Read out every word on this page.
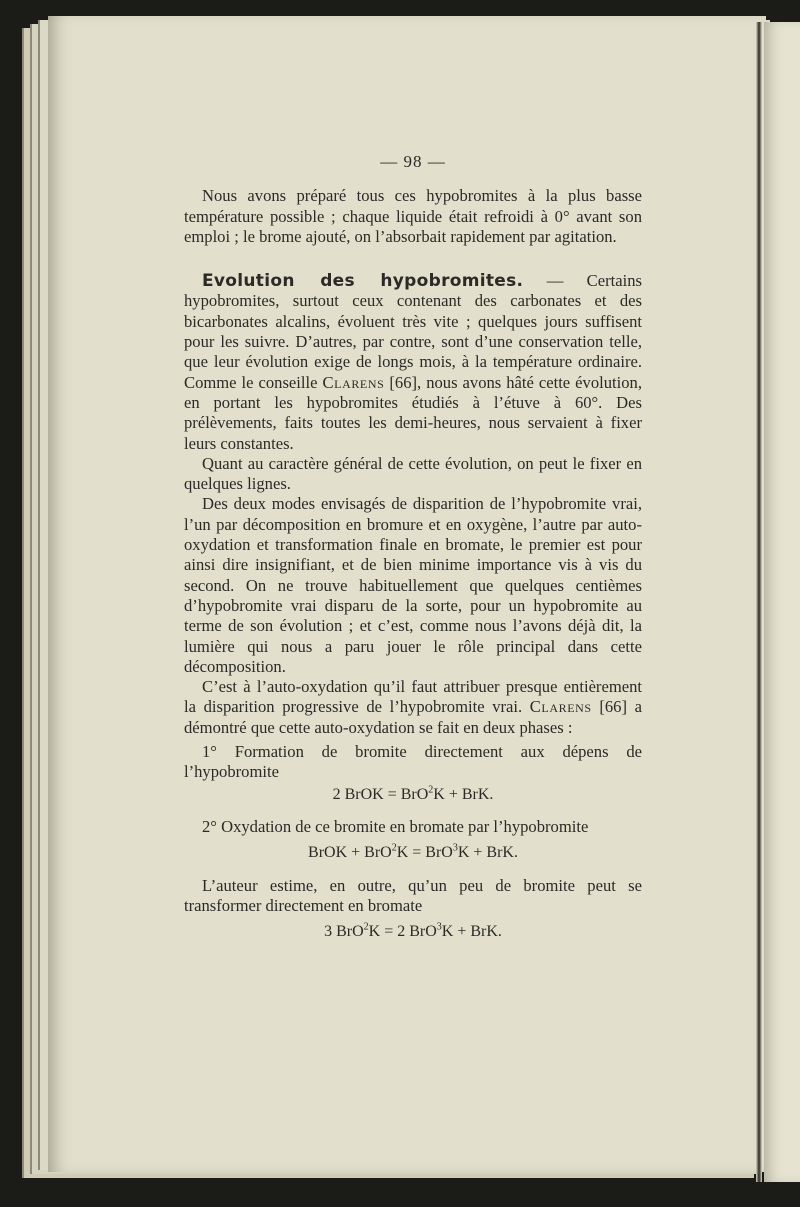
— 98 —

Nous avons préparé tous ces hypobromites à la plus basse température possible ; chaque liquide était refroidi à 0° avant son emploi ; le brome ajouté, on l’absorbait rapidement par agitation.

Evolution des hypobromites. — Certains hypobromites, surtout ceux contenant des carbonates et des bicarbonates alcalins, évoluent très vite ; quelques jours suffisent pour les suivre. D’autres, par contre, sont d’une conservation telle, que leur évolution exige de longs mois, à la température ordinaire. Comme le conseille Clarens [66], nous avons hâté cette évolution, en portant les hypobromites étudiés à l’étuve à 60°. Des prélèvements, faits toutes les demi-heures, nous servaient à fixer leurs constantes.

Quant au caractère général de cette évolution, on peut le fixer en quelques lignes.

Des deux modes envisagés de disparition de l’hypobromite vrai, l’un par décomposition en bromure et en oxygène, l’autre par auto-oxydation et transformation finale en bromate, le premier est pour ainsi dire insignifiant, et de bien minime importance vis à vis du second. On ne trouve habituellement que quelques centièmes d’hypobromite vrai disparu de la sorte, pour un hypobromite au terme de son évolution ; et c’est, comme nous l’avons déjà dit, la lumière qui nous a paru jouer le rôle principal dans cette décomposition.

C’est à l’auto-oxydation qu’il faut attribuer presque entièrement la disparition progressive de l’hypobromite vrai. Clarens [66] a démontré que cette auto-oxydation se fait en deux phases :

1° Formation de bromite directement aux dépens de l’hypobromite

2 BrOK = BrO$^2$K + BrK.

2° Oxydation de ce bromite en bromate par l’hypobromite

BrOK + BrO$^2$K = BrO$^3$K + BrK.

L’auteur estime, en outre, qu’un peu de bromite peut se transformer directement en bromate

3 BrO$^2$K = 2 BrO$^3$K + BrK.
